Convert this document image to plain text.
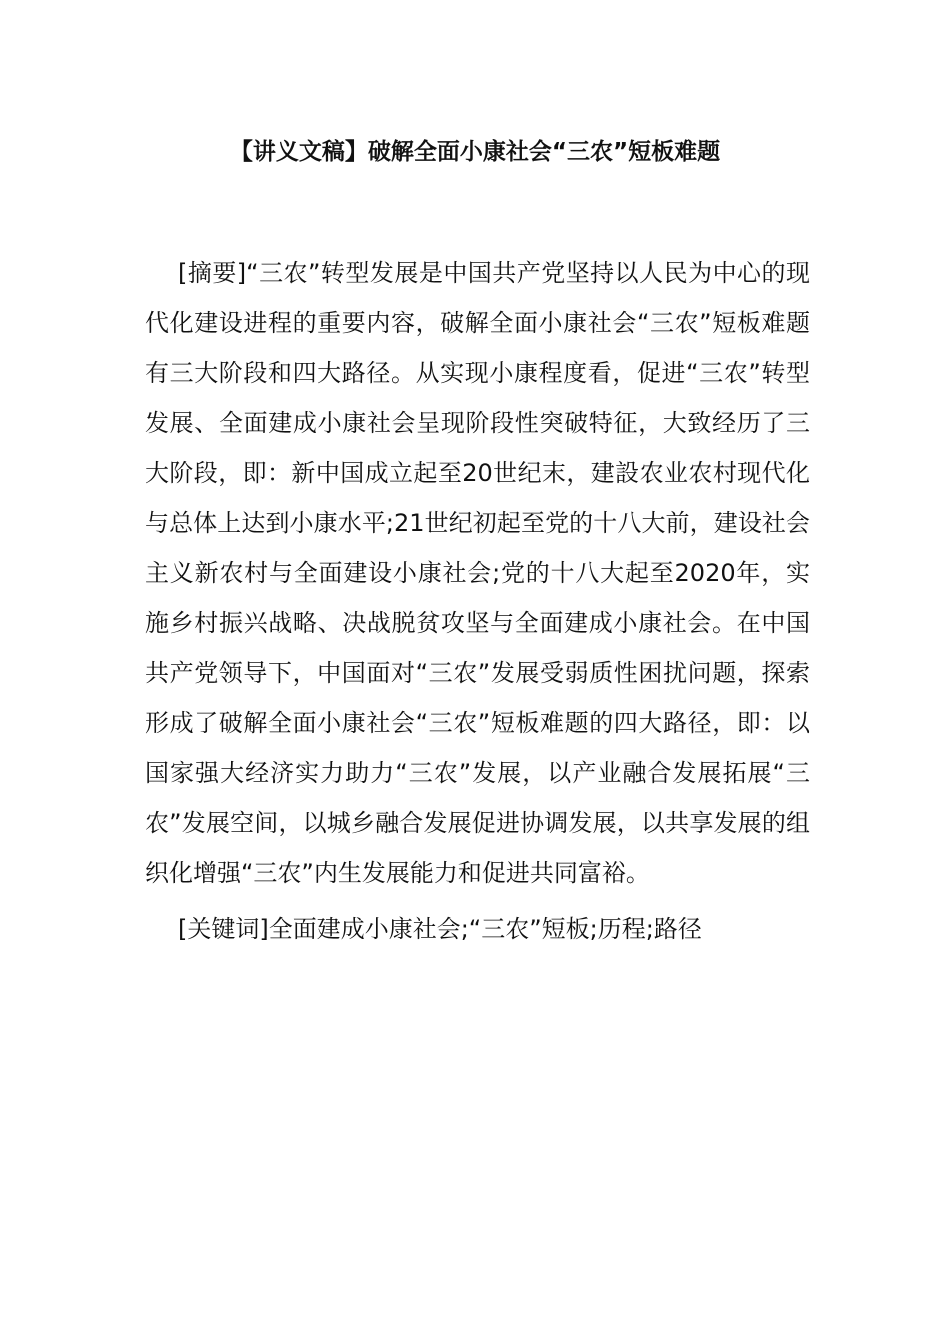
【讲义文稿】破解全面小康社会“三农”短板难题

[摘要]“三农”转型发展是中国共产党坚持以人民为中心的现代化建设进程的重要内容，破解全面小康社会“三农”短板难题有三大阶段和四大路径。从实现小康程度看，促进“三农”转型发展、全面建成小康社会呈现阶段性突破特征，大致经历了三大阶段，即：新中国成立起至20世纪末，建設农业农村现代化与总体上达到小康水平;21世纪初起至党的十八大前，建设社会主义新农村与全面建设小康社会;党的十八大起至2020年，实施乡村振兴战略、决战脱贫攻坚与全面建成小康社会。在中国共产党领导下，中国面对“三农”发展受弱质性困扰问题，探索形成了破解全面小康社会“三农”短板难题的四大路径，即：以国家强大经济实力助力“三农”发展，以产业融合发展拓展“三农”发展空间，以城乡融合发展促进协调发展，以共享发展的组织化增强“三农”内生发展能力和促进共同富裕。

[关键词]全面建成小康社会;“三农”短板;历程;路径
